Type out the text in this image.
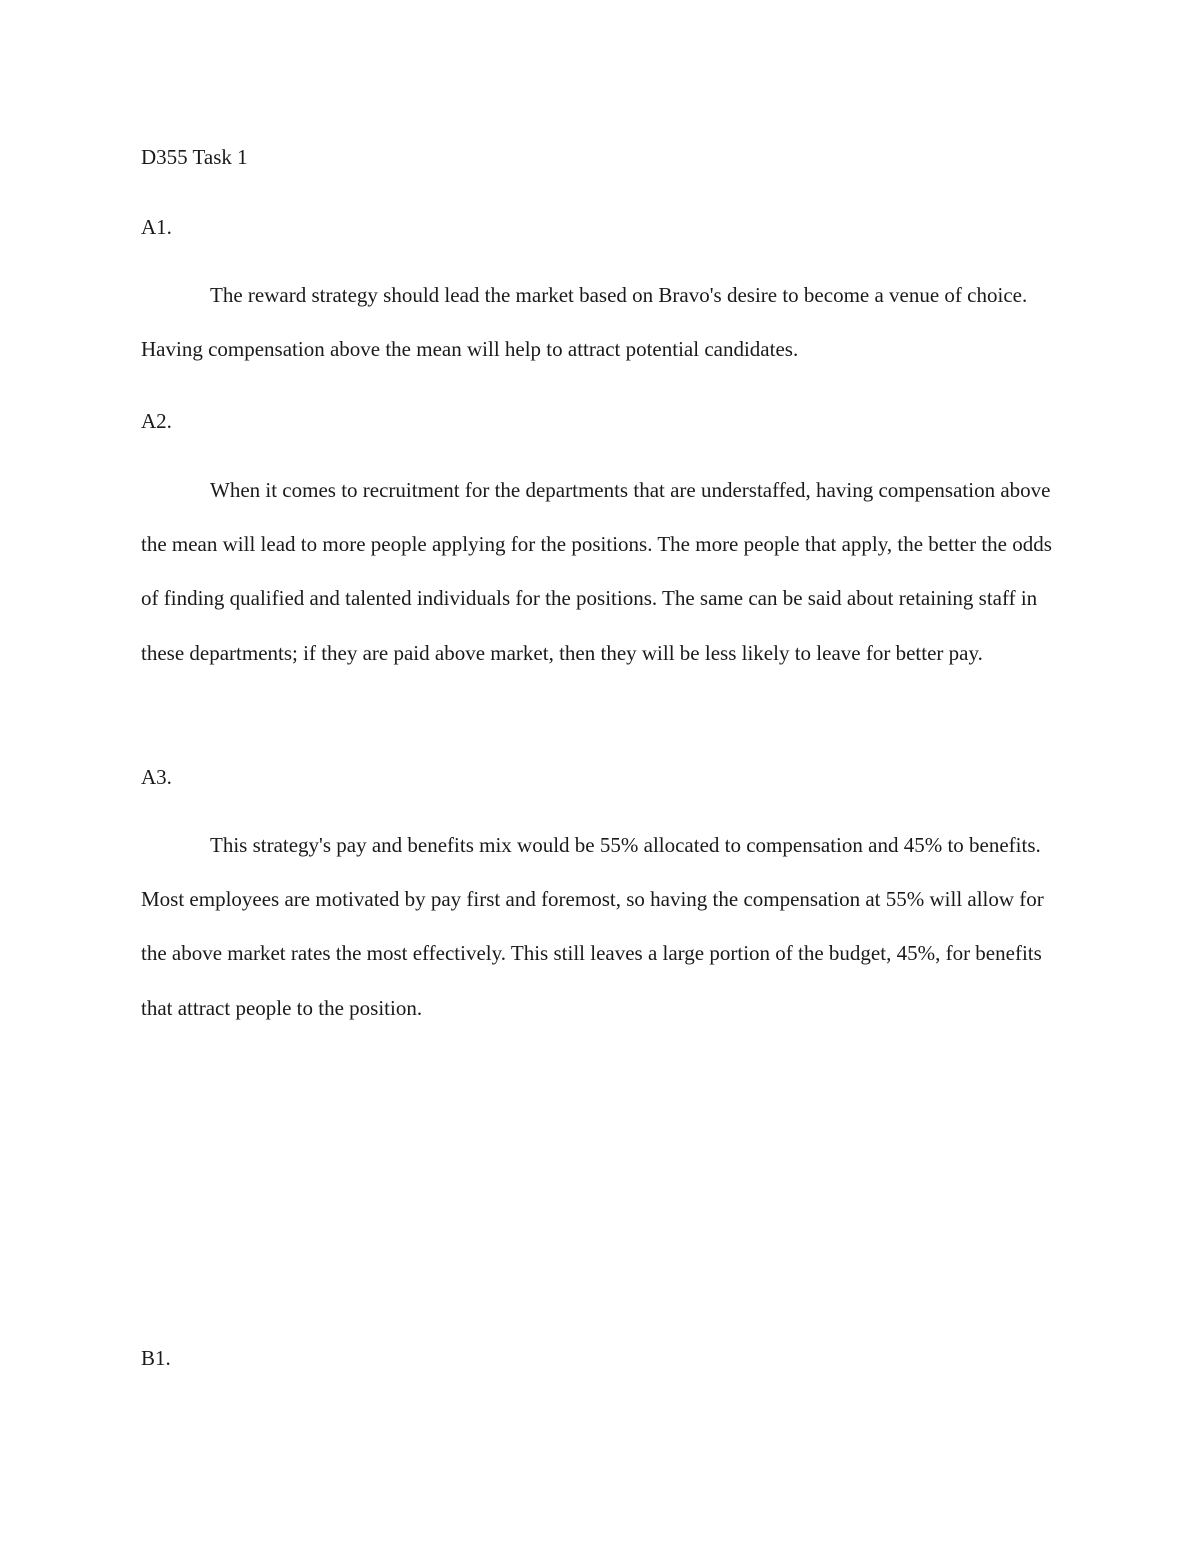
D355 Task 1
A1.

The reward strategy should lead the market based on Bravo's desire to become a venue of choice. Having compensation above the mean will help to attract potential candidates.

A2.

When it comes to recruitment for the departments that are understaffed, having compensation above the mean will lead to more people applying for the positions. The more people that apply, the better the odds of finding qualified and talented individuals for the positions. The same can be said about retaining staff in these departments; if they are paid above market, then they will be less likely to leave for better pay.

A3.

This strategy's pay and benefits mix would be 55% allocated to compensation and 45% to benefits. Most employees are motivated by pay first and foremost, so having the compensation at 55% will allow for the above market rates the most effectively. This still leaves a large portion of the budget, 45%, for benefits that attract people to the position.

B1.
